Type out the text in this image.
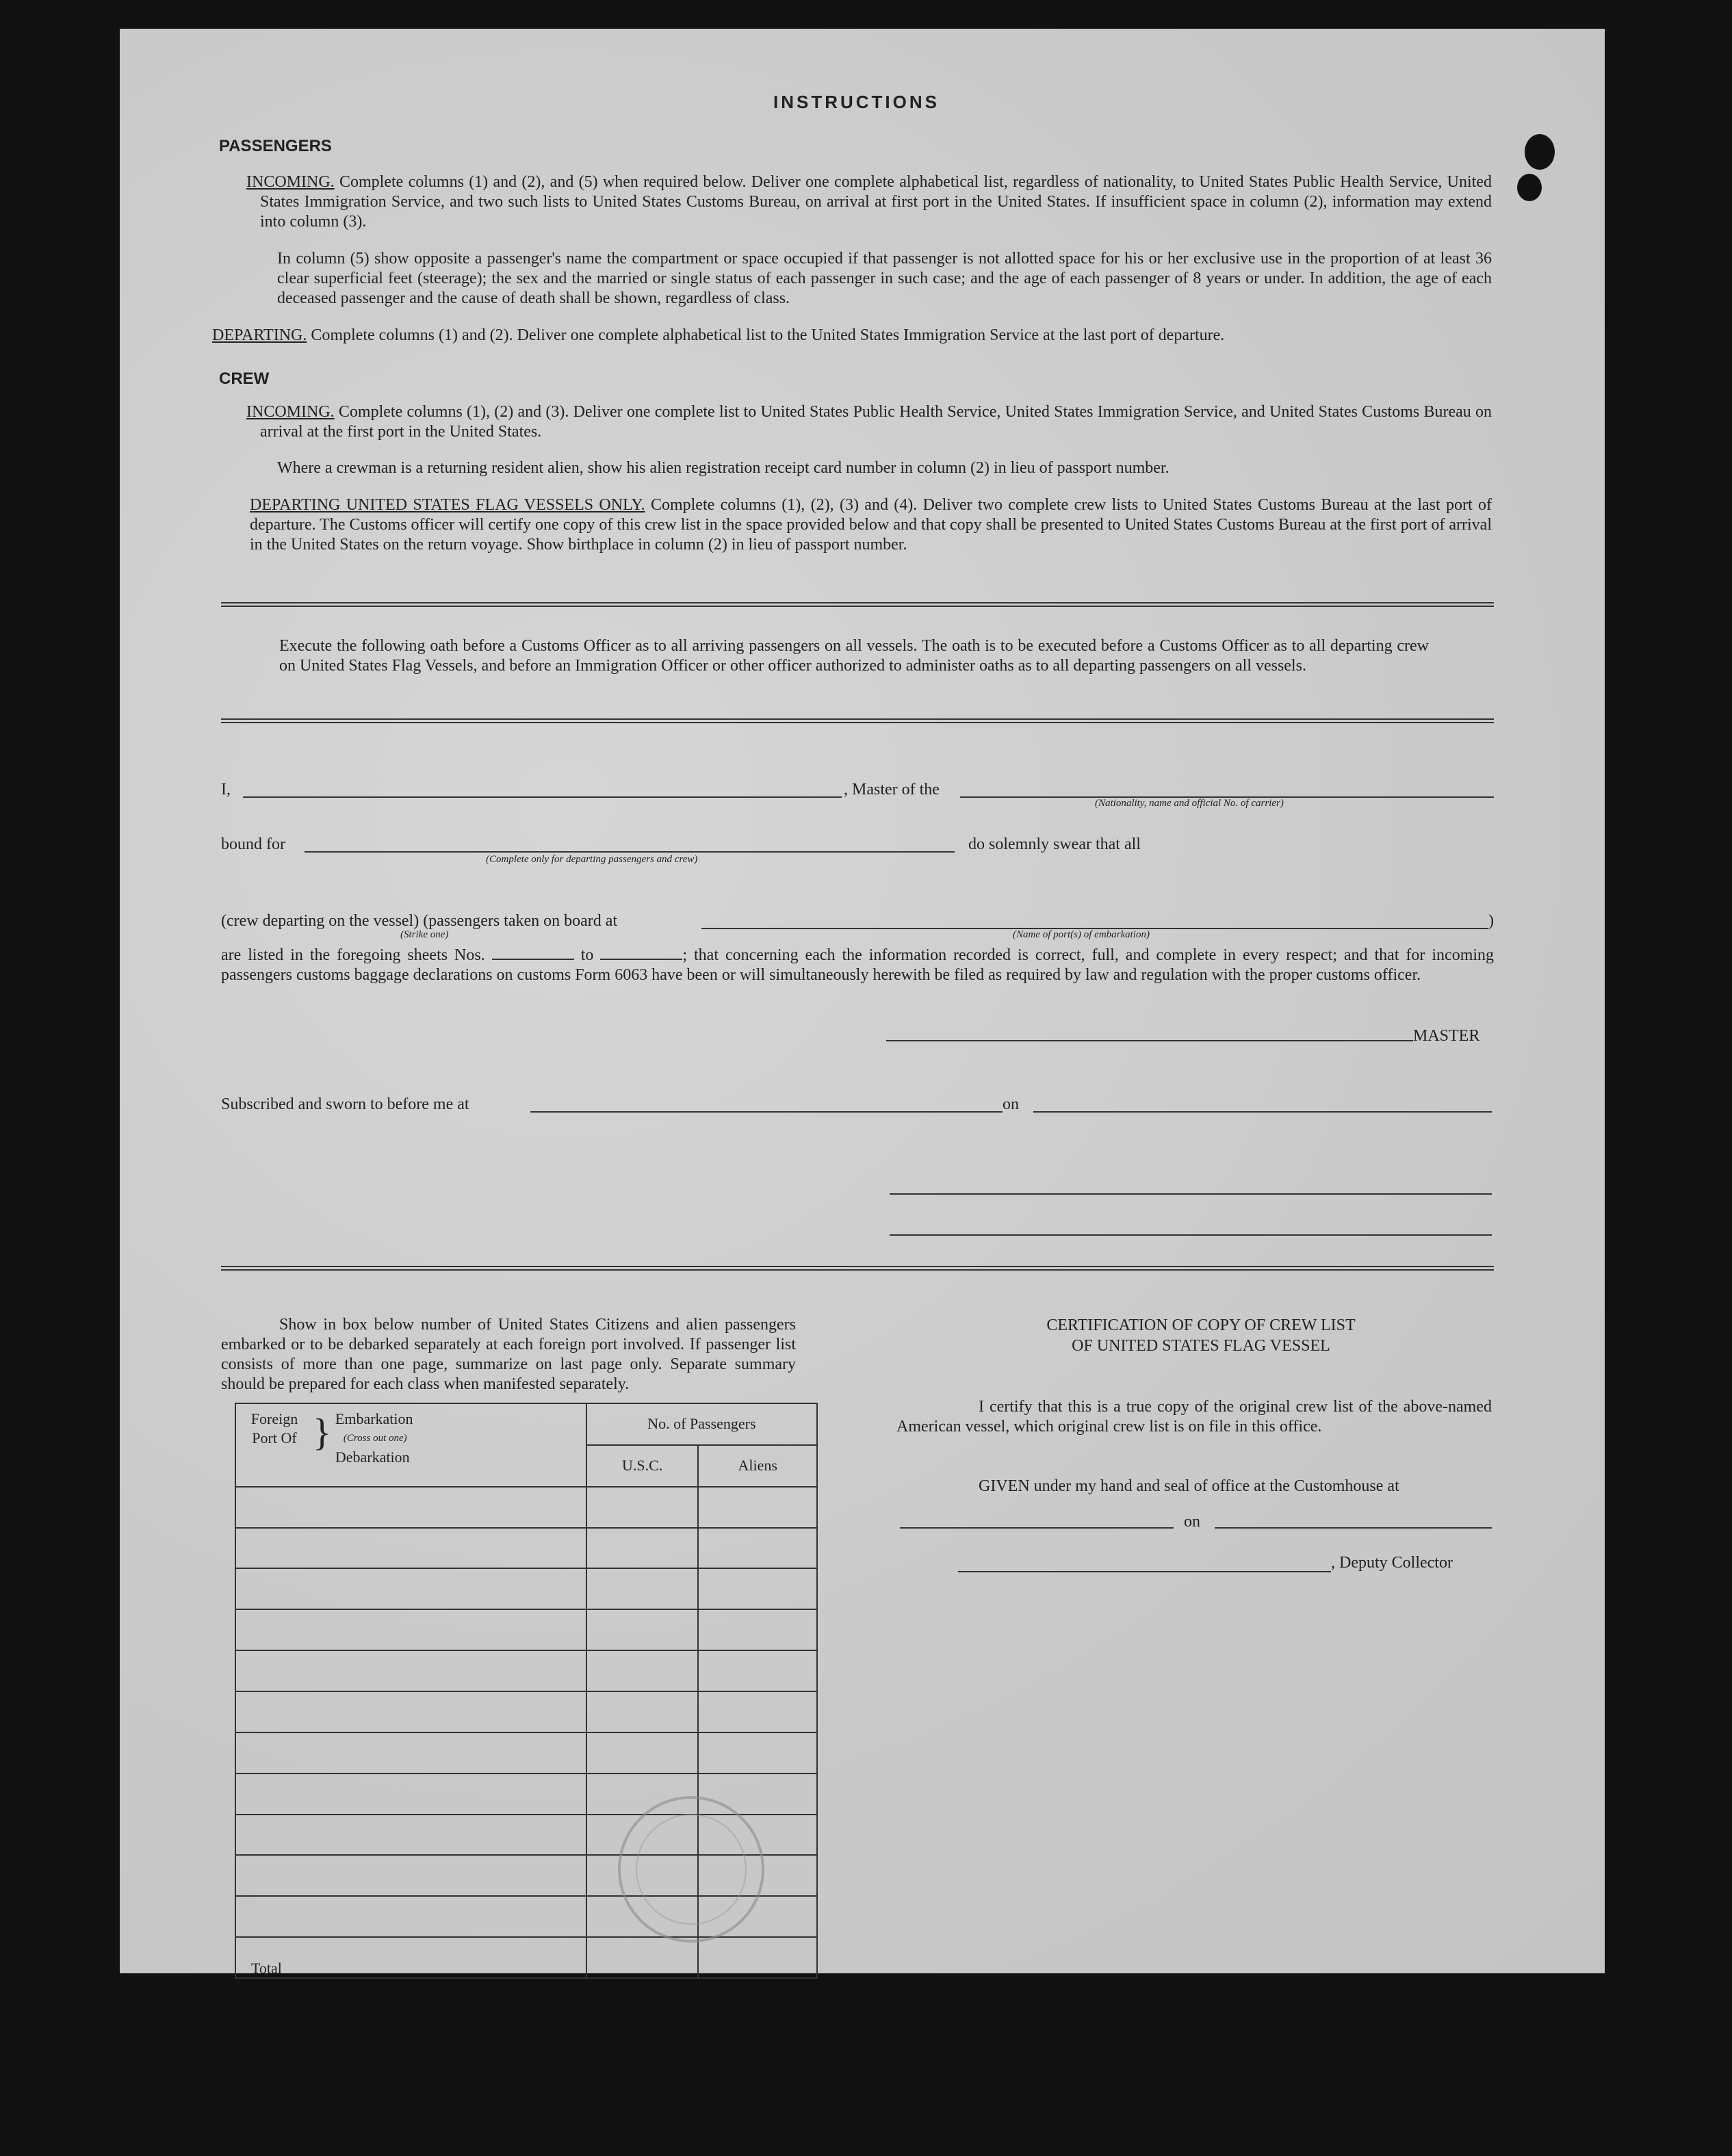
INSTRUCTIONS
PASSENGERS
INCOMING. Complete columns (1) and (2), and (5) when required below. Deliver one complete alphabetical list, regardless of nationality, to United States Public Health Service, United States Immigration Service, and two such lists to United States Customs Bureau, on arrival at first port in the United States. If insufficient space in column (2), information may extend into column (3).
In column (5) show opposite a passenger's name the compartment or space occupied if that passenger is not allotted space for his or her exclusive use in the proportion of at least 36 clear superficial feet (steerage); the sex and the married or single status of each passenger in such case; and the age of each passenger of 8 years or under. In addition, the age of each deceased passenger and the cause of death shall be shown, regardless of class.
DEPARTING. Complete columns (1) and (2). Deliver one complete alphabetical list to the United States Immigration Service at the last port of departure.
CREW
INCOMING. Complete columns (1), (2) and (3). Deliver one complete list to United States Public Health Service, United States Immigration Service, and United States Customs Bureau on arrival at the first port in the United States.
Where a crewman is a returning resident alien, show his alien registration receipt card number in column (2) in lieu of passport number.
DEPARTING UNITED STATES FLAG VESSELS ONLY. Complete columns (1), (2), (3) and (4). Deliver two complete crew lists to United States Customs Bureau at the last port of departure. The Customs officer will certify one copy of this crew list in the space provided below and that copy shall be presented to United States Customs Bureau at the first port of arrival in the United States on the return voyage. Show birthplace in column (2) in lieu of passport number.
Execute the following oath before a Customs Officer as to all arriving passengers on all vessels. The oath is to be executed before a Customs Officer as to all departing crew on United States Flag Vessels, and before an Immigration Officer or other officer authorized to administer oaths as to all departing passengers on all vessels.
I,	, Master of the
(Nationality, name and official No. of carrier)
bound for
(Complete only for departing passengers and crew)
do solemnly swear that all
(crew departing on the vessel) (passengers taken on board at	)
(Strike one)	(Name of port(s) of embarkation)
are listed in the foregoing sheets Nos.	to	; that concerning each the information recorded is correct, full, and complete in every respect; and that for incoming passengers customs baggage declarations on customs Form 6063 have been or will simultaneously herewith be filed as required by law and regulation with the proper customs officer.
MASTER
Subscribed and sworn to before me at	on
Show in box below number of United States Citizens and alien passengers embarked or to be debarked separately at each foreign port involved. If passenger list consists of more than one page, summarize on last page only. Separate summary should be prepared for each class when manifested separately.
Foreign Port Of } Embarkation
(Cross out one)
Debarkation	No. of Passengers	
	U.S.C.	Aliens

Total		
CERTIFICATION OF COPY OF CREW LIST
OF UNITED STATES FLAG VESSEL
I certify that this is a true copy of the original crew list of the above-named American vessel, which original crew list is on file in this office.
GIVEN under my hand and seal of office at the Customhouse at
on
, Deputy Collector
